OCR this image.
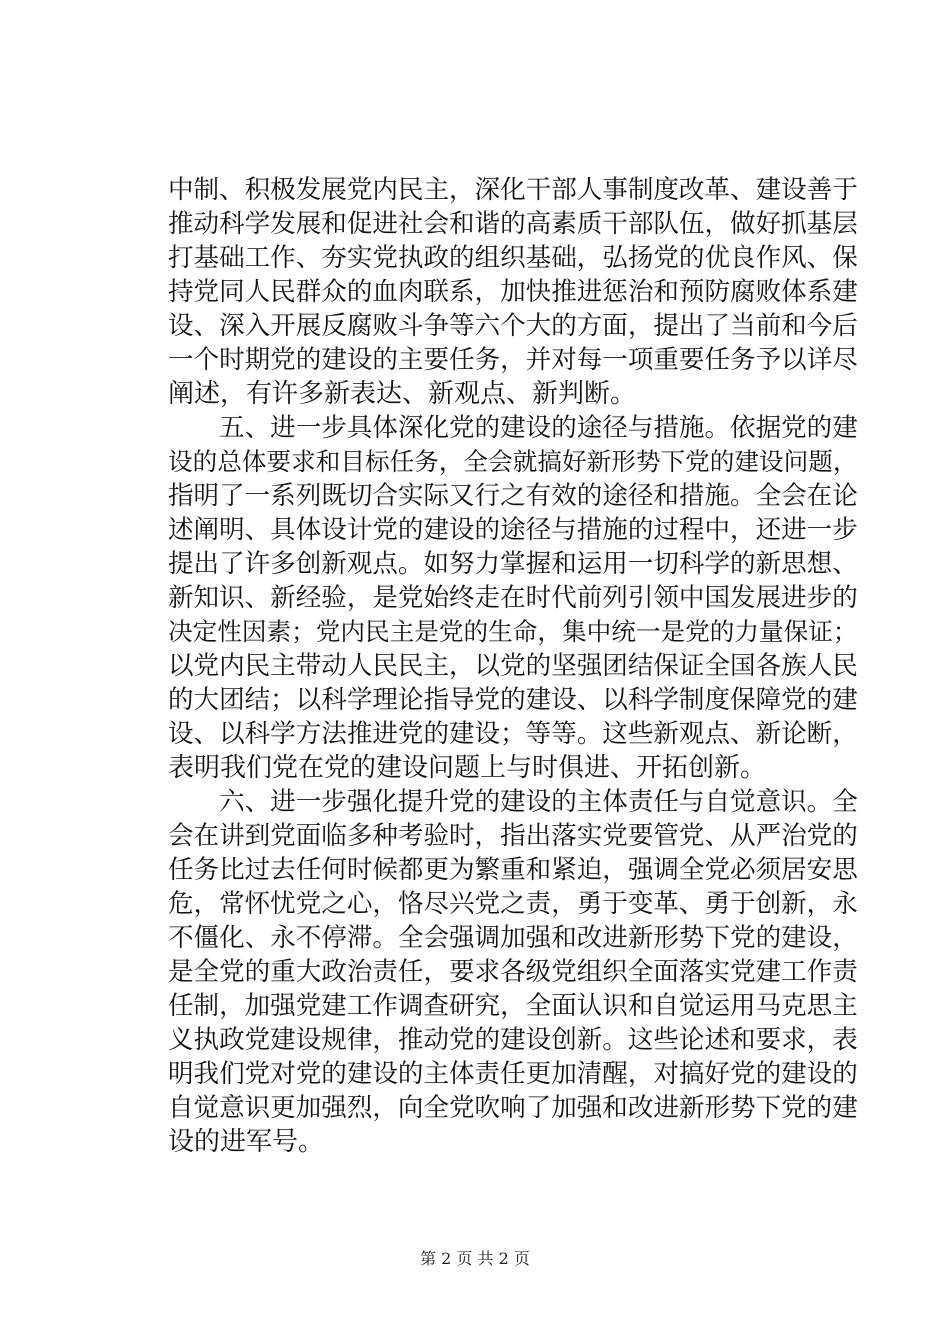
中制、积极发展党内民主，深化干部人事制度改革、建设善于
推动科学发展和促进社会和谐的高素质干部队伍，做好抓基层
打基础工作、夯实党执政的组织基础，弘扬党的优良作风、保
持党同人民群众的血肉联系，加快推进惩治和预防腐败体系建
设、深入开展反腐败斗争等六个大的方面，提出了当前和今后
一个时期党的建设的主要任务，并对每一项重要任务予以详尽
阐述，有许多新表达、新观点、新判断。
　　五、进一步具体深化党的建设的途径与措施。依据党的建
设的总体要求和目标任务，全会就搞好新形势下党的建设问题，
指明了一系列既切合实际又行之有效的途径和措施。全会在论
述阐明、具体设计党的建设的途径与措施的过程中，还进一步
提出了许多创新观点。如努力掌握和运用一切科学的新思想、
新知识、新经验，是党始终走在时代前列引领中国发展进步的
决定性因素；党内民主是党的生命，集中统一是党的力量保证；
以党内民主带动人民民主，以党的坚强团结保证全国各族人民
的大团结；以科学理论指导党的建设、以科学制度保障党的建
设、以科学方法推进党的建设；等等。这些新观点、新论断，
表明我们党在党的建设问题上与时俱进、开拓创新。
　　六、进一步强化提升党的建设的主体责任与自觉意识。全
会在讲到党面临多种考验时，指出落实党要管党、从严治党的
任务比过去任何时候都更为繁重和紧迫，强调全党必须居安思
危，常怀忧党之心，恪尽兴党之责，勇于变革、勇于创新，永
不僵化、永不停滞。全会强调加强和改进新形势下党的建设，
是全党的重大政治责任，要求各级党组织全面落实党建工作责
任制，加强党建工作调查研究，全面认识和自觉运用马克思主
义执政党建设规律，推动党的建设创新。这些论述和要求，表
明我们党对党的建设的主体责任更加清醒，对搞好党的建设的
自觉意识更加强烈，向全党吹响了加强和改进新形势下党的建
设的进军号。
第 2 页 共 2 页
